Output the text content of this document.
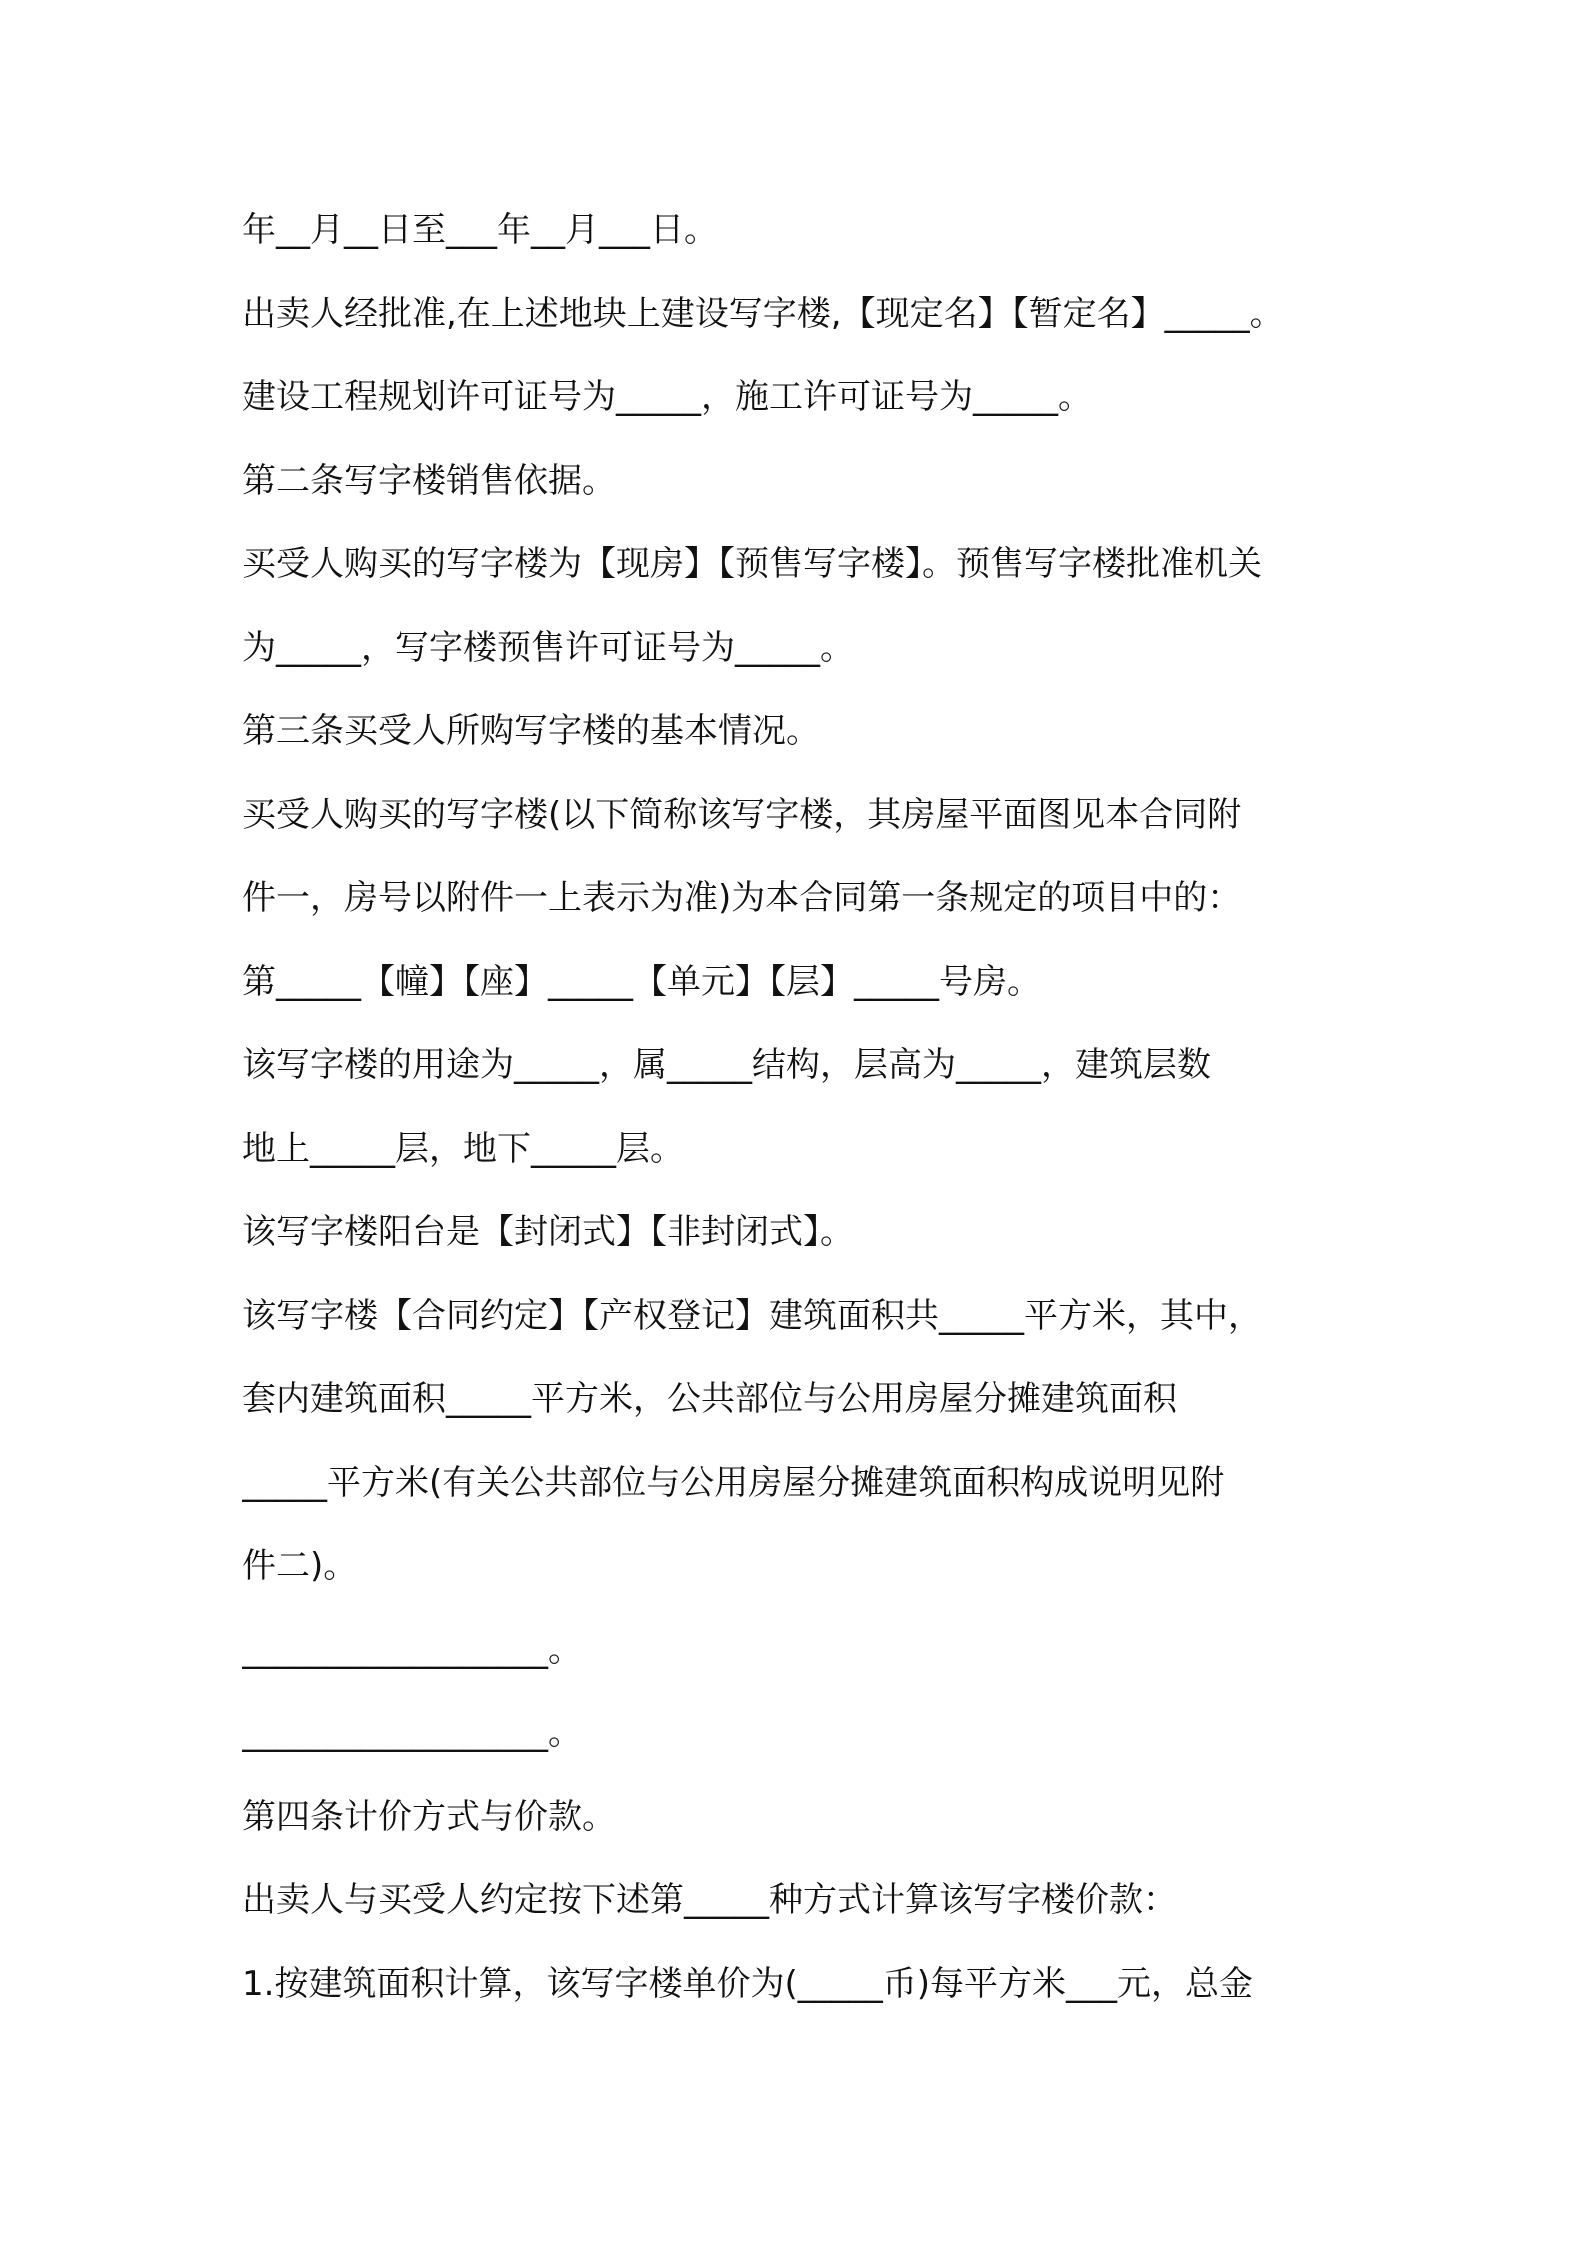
年__月__日至___年__月___日。
出卖人经批准,在上述地块上建设写字楼,【现定名】【暂定名】_____。
建设工程规划许可证号为_____，施工许可证号为_____。
第二条写字楼销售依据。
买受人购买的写字楼为【现房】【预售写字楼】。预售写字楼批准机关
为_____，写字楼预售许可证号为_____。
第三条买受人所购写字楼的基本情况。
买受人购买的写字楼(以下简称该写字楼，其房屋平面图见本合同附
件一，房号以附件一上表示为准)为本合同第一条规定的项目中的：
第_____【幢】【座】_____【单元】【层】_____号房。
该写字楼的用途为_____，属_____结构，层高为_____，建筑层数
地上_____层，地下_____层。
该写字楼阳台是【封闭式】【非封闭式】。
该写字楼【合同约定】【产权登记】建筑面积共_____平方米，其中，
套内建筑面积_____平方米，公共部位与公用房屋分摊建筑面积
_____平方米(有关公共部位与公用房屋分摊建筑面积构成说明见附
件二)。
__________________。
__________________。
第四条计价方式与价款。
出卖人与买受人约定按下述第_____种方式计算该写字楼价款：
1.按建筑面积计算，该写字楼单价为(_____币)每平方米___元，总金
